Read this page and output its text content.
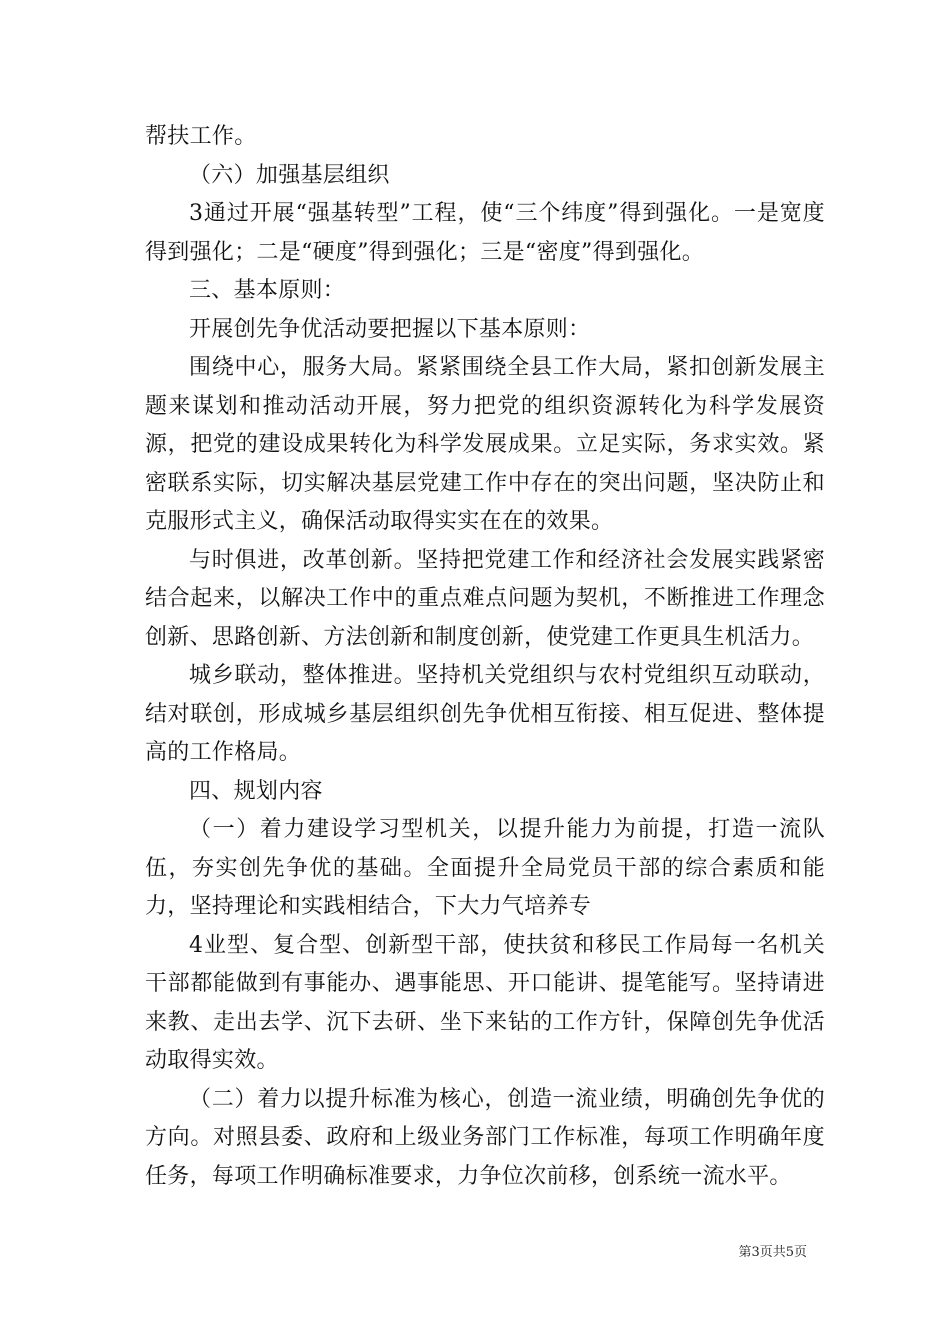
帮扶工作。

（六）加强基层组织

3通过开展“强基转型”工程，使“三个纬度”得到强化。一是宽度得到强化；二是“硬度”得到强化；三是“密度”得到强化。

三、基本原则：

开展创先争优活动要把握以下基本原则：

围绕中心，服务大局。紧紧围绕全县工作大局，紧扣创新发展主题来谋划和推动活动开展，努力把党的组织资源转化为科学发展资源，把党的建设成果转化为科学发展成果。立足实际，务求实效。紧密联系实际，切实解决基层党建工作中存在的突出问题，坚决防止和克服形式主义，确保活动取得实实在在的效果。

与时俱进，改革创新。坚持把党建工作和经济社会发展实践紧密结合起来，以解决工作中的重点难点问题为契机，不断推进工作理念创新、思路创新、方法创新和制度创新，使党建工作更具生机活力。

城乡联动，整体推进。坚持机关党组织与农村党组织互动联动，结对联创，形成城乡基层组织创先争优相互衔接、相互促进、整体提高的工作格局。

四、规划内容

（一）着力建设学习型机关，以提升能力为前提，打造一流队伍，夯实创先争优的基础。全面提升全局党员干部的综合素质和能力，坚持理论和实践相结合，下大力气培养专

4业型、复合型、创新型干部，使扶贫和移民工作局每一名机关干部都能做到有事能办、遇事能思、开口能讲、提笔能写。坚持请进来教、走出去学、沉下去研、坐下来钻的工作方针，保障创先争优活动取得实效。

（二）着力以提升标准为核心，创造一流业绩，明确创先争优的方向。对照县委、政府和上级业务部门工作标准，每项工作明确年度任务，每项工作明确标准要求，力争位次前移，创系统一流水平。

第3页共5页
